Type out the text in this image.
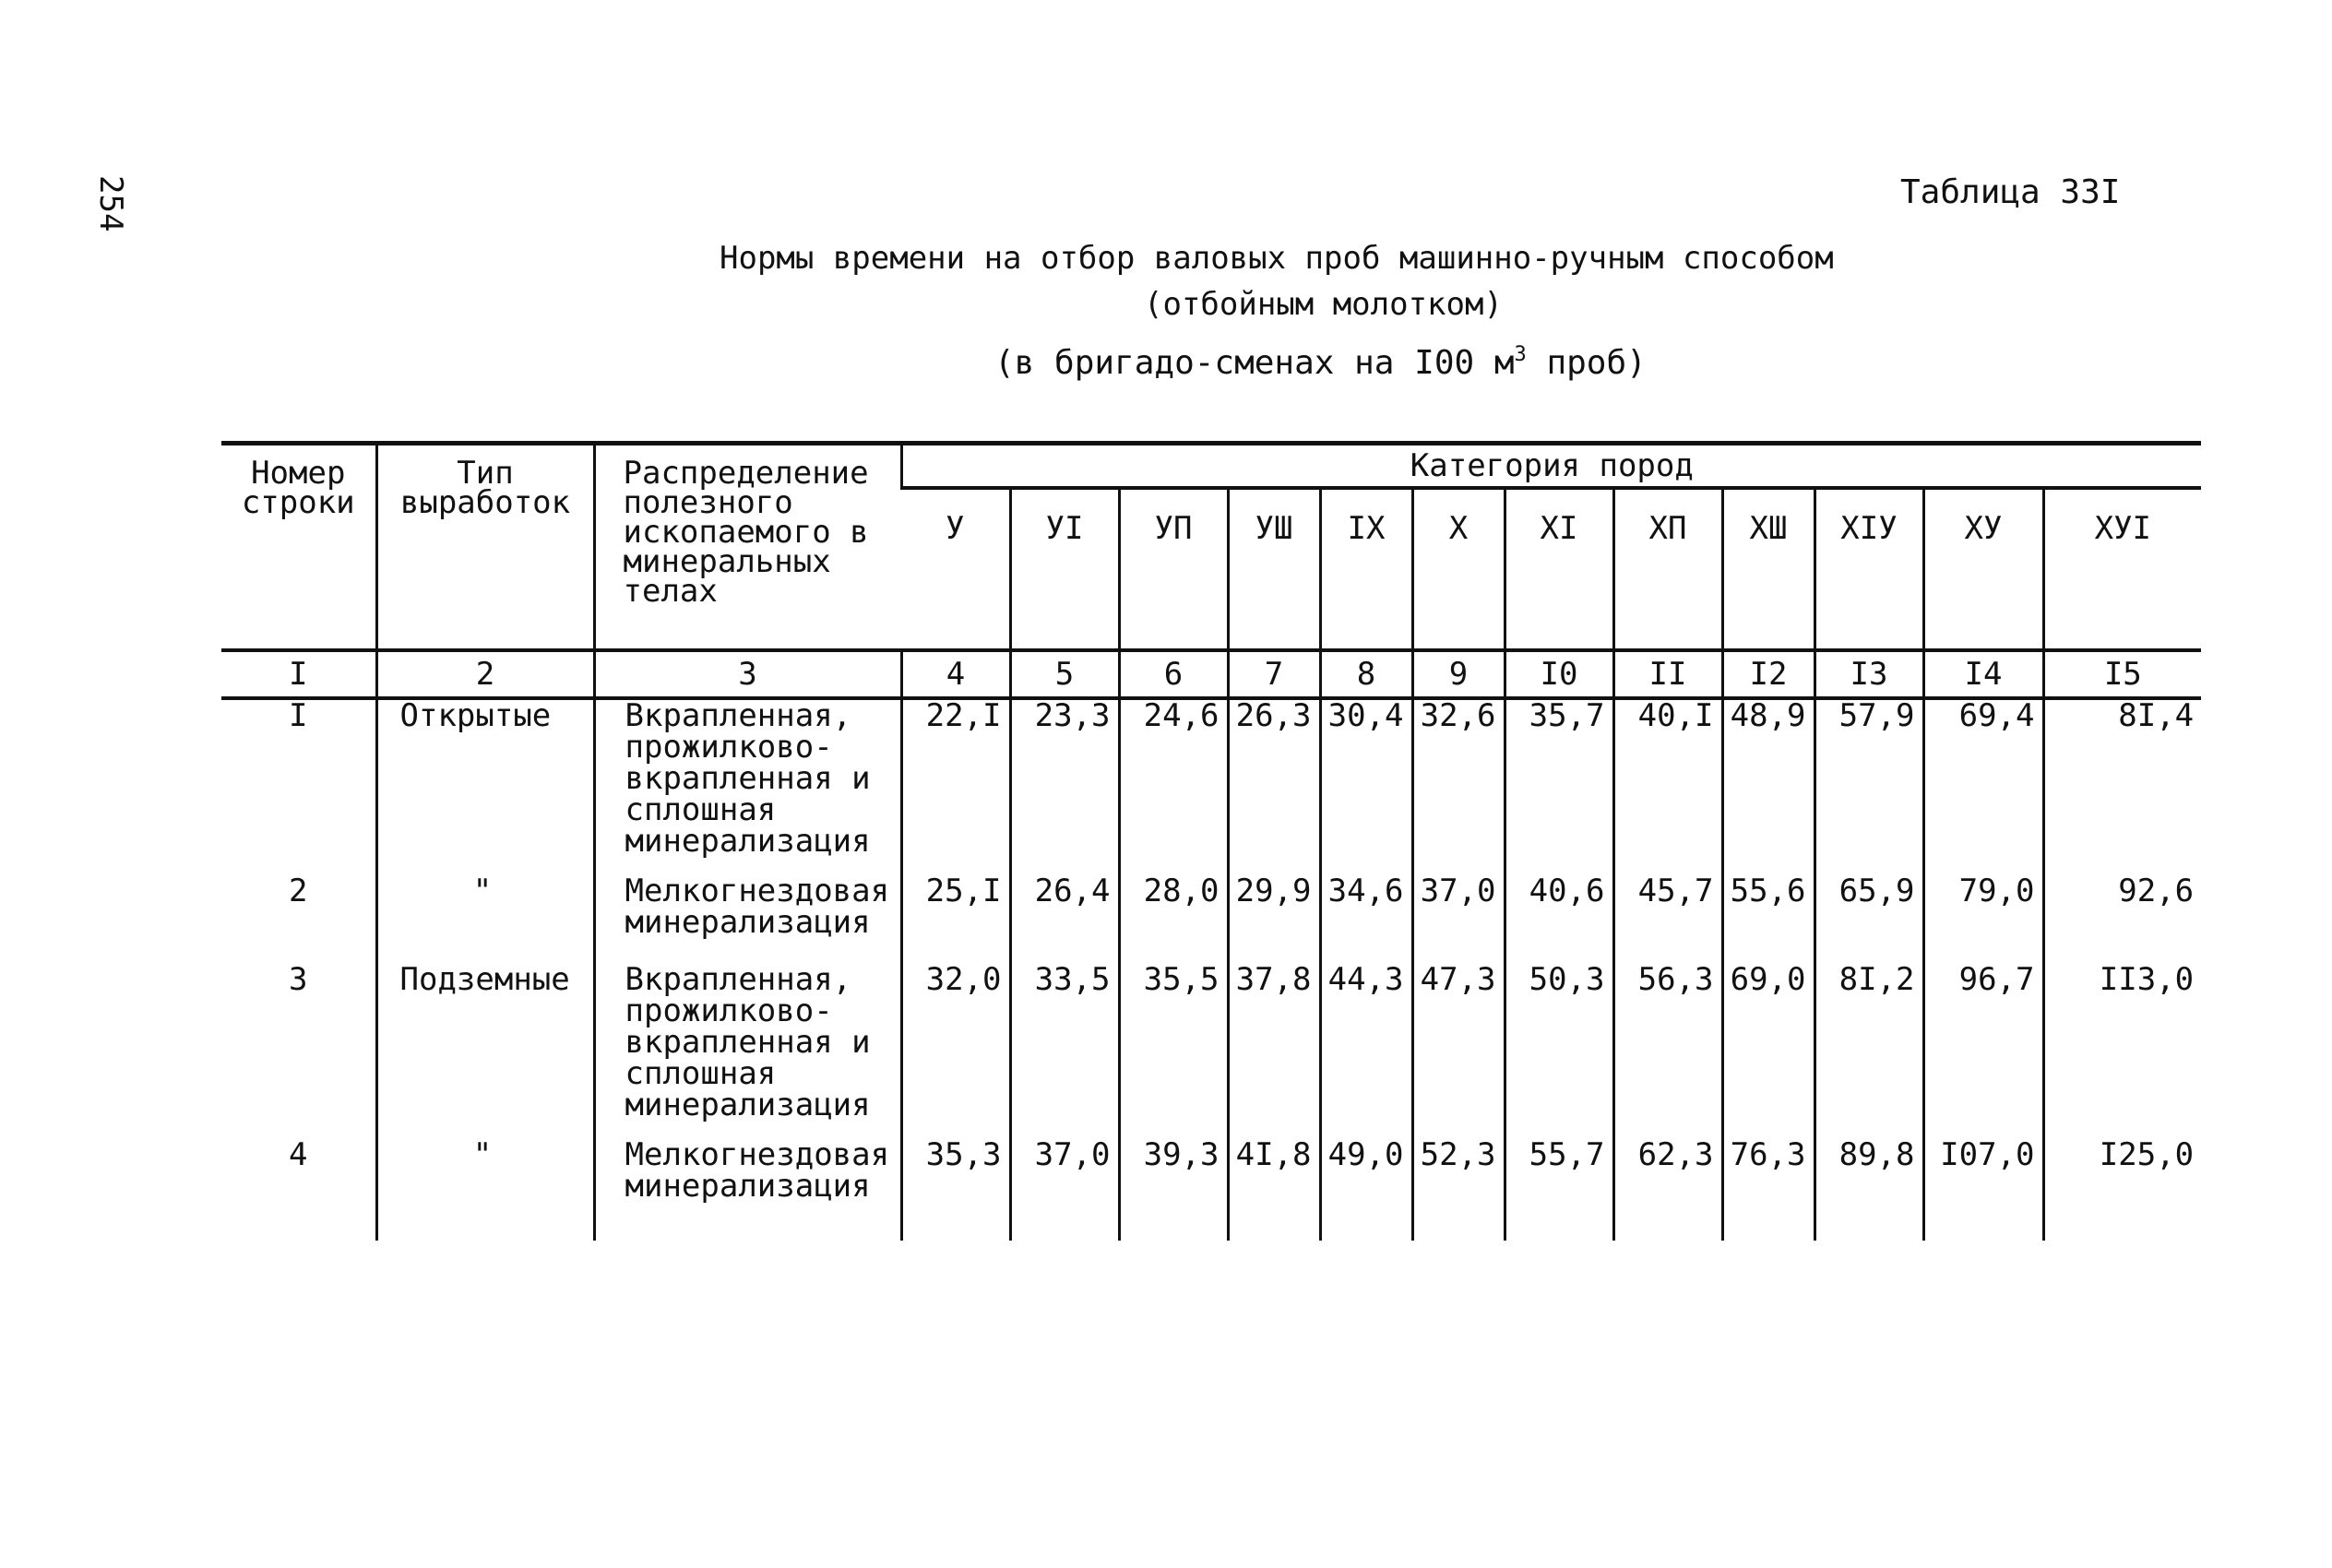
254	Таблица 33I
Нормы времени на отбор валовых проб машинно-ручным способом
(отбойным молотком)
(в бригадо-сменах на I00 $м^3$ проб)
Номер строки	Тип выработок	Распределение полезного ископаемого в минеральных телах	Категория пород											
			У	УI	УП	УШ	IX	X	XI	XП	XШ	XIУ	XУ	XУI
I	2	3	4	5	6	7	8	9	I0	II	I2	I3	I4	I5
I	Открытые	Вкрапленная,
прожилково-
вкрапленная и
сплошная
минерализация	22,I	23,3	24,6	26,3	30,4	32,6	35,7	40,I	48,9	57,9	69,4	8I,4
2	"	Мелкогнездовая
минерализация	25,I	26,4	28,0	29,9	34,6	37,0	40,6	45,7	55,6	65,9	79,0	92,6
3	Подземные	Вкрапленная,
прожилково-
вкрапленная и
сплошная
минерализация	32,0	33,5	35,5	37,8	44,3	47,3	50,3	56,3	69,0	8I,2	96,7	II3,0
4	"	Мелкогнездовая
минерализация	35,3	37,0	39,3	4I,8	49,0	52,3	55,7	62,3	76,3	89,8	I07,0	I25,0
